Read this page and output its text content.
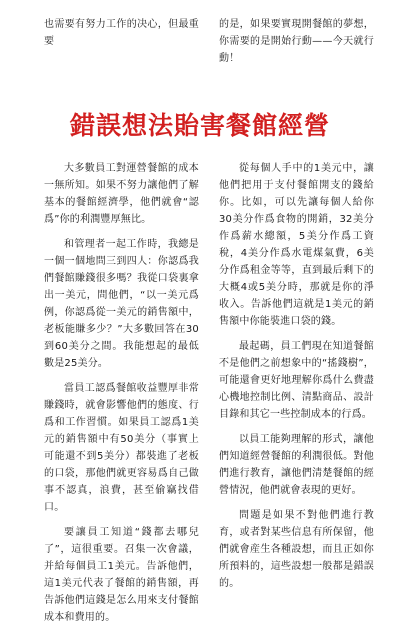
也需要有努力工作的决心，但最重要
的是，如果要實現開餐館的夢想，你需要的是開始行動——今天就行動！
錯誤想法貽害餐館經營

大多數員工對運營餐館的成本一無所知。如果不努力讓他們了解基本的餐館經濟學，他們就會“認爲”你的利潤豐厚無比。

和管理者一起工作時，我總是一個一個地問三到四人：你認爲我們餐館賺錢很多嗎？我從口袋裏拿出一美元，問他們，“以一美元爲例，你認爲從一美元的銷售額中，老板能賺多少？”大多數回答在30到60美分之間。我能想起的最低數是25美分。

當員工認爲餐館收益豐厚非常賺錢時，就會影響他們的態度、行爲和工作習慣。如果員工認爲1美元的銷售額中有50美分（事實上可能還不到5美分）都裝進了老板的口袋，那他們就更容易爲自己做事不認真，浪費，甚至偷竊找借口。

要讓員工知道“錢都去哪兒了”，這很重要。召集一次會議，并給每個員工1美元。告訴他們，這1美元代表了餐館的銷售額，再告訴他們這錢是怎么用來支付餐館成本和費用的。

從每個人手中的1美元中，讓他們把用于支付餐館開支的錢給你。比如，可以先讓每個人給你30美分作爲食物的開銷，32美分作爲薪水總額，5美分作爲工資稅，4美分作爲水電煤氣費，6美分作爲租金等等，直到最后剩下的大概4或5美分時，那就是你的淨收入。告訴他們這就是1美元的銷售額中你能裝進口袋的錢。

最起碼，員工們現在知道餐館不是他們之前想象中的“搖錢樹”，可能還會更好地理解你爲什么費盡心機地控制比例、清點商品、設計目錄和其它一些控制成本的行爲。

以員工能夠理解的形式，讓他們知道經營餐館的利潤很低。對他們進行教育，讓他們清楚餐館的經營情況，他們就會表現的更好。

問題是如果不對他們進行教育，或者對某些信息有所保留，他們就會産生各種設想，而且正如你所預料的，這些設想一般都是錯誤的。
